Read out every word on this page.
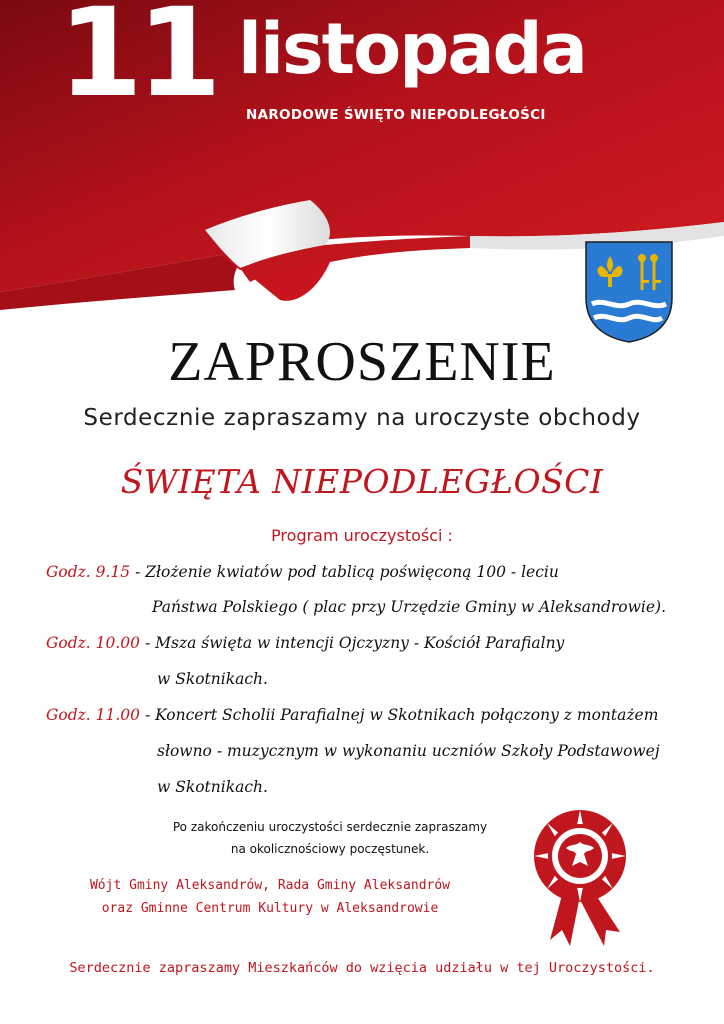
11 listopada
NARODOWE ŚWIĘTO NIEPODLEGŁOŚCI
ZAPROSZENIE
Serdecznie zapraszamy na uroczyste obchody
ŚWIĘTA NIEPODLEGŁOŚCI
Program uroczystości :
Godz. 9.15 - Złożenie kwiatów pod tablicą poświęconą 100 - leciu
Państwa Polskiego ( plac przy Urzędzie Gminy w Aleksandrowie).
Godz. 10.00 - Msza święta w intencji Ojczyzny - Kościół Parafialny
w Skotnikach.
Godz. 11.00 - Koncert Scholii Parafialnej w Skotnikach połączony z montażem
słowno - muzycznym w wykonaniu uczniów Szkoły Podstawowej
w Skotnikach.
Po zakończeniu uroczystości serdecznie zapraszamy
na okolicznościowy poczęstunek.
Wójt Gminy Aleksandrów, Rada Gminy Aleksandrów
oraz Gminne Centrum Kultury w Aleksandrowie
Serdecznie zapraszamy Mieszkańców do wzięcia udziału w tej Uroczystości.
